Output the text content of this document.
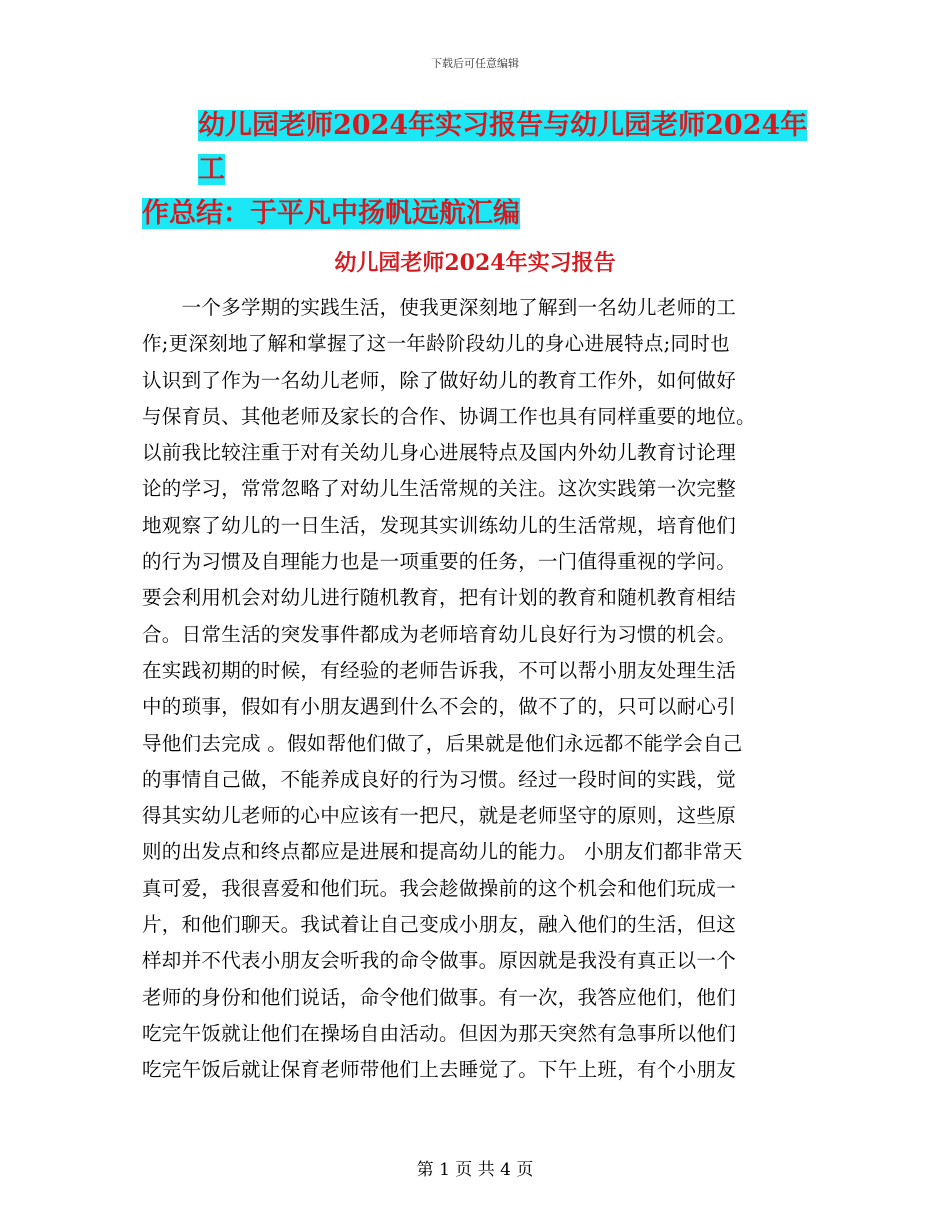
下载后可任意编辑
幼儿园老师2024年实习报告与幼儿园老师2024年工
作总结：于平凡中扬帆远航汇编
幼儿园老师2024年实习报告
　　一个多学期的实践生活，使我更深刻地了解到一名幼儿老师的工
作;更深刻地了解和掌握了这一年龄阶段幼儿的身心进展特点;同时也
认识到了作为一名幼儿老师，除了做好幼儿的教育工作外，如何做好
与保育员、其他老师及家长的合作、协调工作也具有同样重要的地位。
以前我比较注重于对有关幼儿身心进展特点及国内外幼儿教育讨论理
论的学习，常常忽略了对幼儿生活常规的关注。这次实践第一次完整
地观察了幼儿的一日生活，发现其实训练幼儿的生活常规，培育他们
的行为习惯及自理能力也是一项重要的任务，一门值得重视的学问。
要会利用机会对幼儿进行随机教育，把有计划的教育和随机教育相结
合。日常生活的突发事件都成为老师培育幼儿良好行为习惯的机会。
在实践初期的时候，有经验的老师告诉我，不可以帮小朋友处理生活
中的琐事，假如有小朋友遇到什么不会的，做不了的，只可以耐心引
导他们去完成 。假如帮他们做了，后果就是他们永远都不能学会自己
的事情自己做，不能养成良好的行为习惯。经过一段时间的实践，觉
得其实幼儿老师的心中应该有一把尺，就是老师坚守的原则，这些原
则的出发点和终点都应是进展和提高幼儿的能力。 小朋友们都非常天
真可爱，我很喜爱和他们玩。我会趁做操前的这个机会和他们玩成一
片，和他们聊天。我试着让自己变成小朋友，融入他们的生活，但这
样却并不代表小朋友会听我的命令做事。原因就是我没有真正以一个
老师的身份和他们说话，命令他们做事。有一次，我答应他们，他们
吃完午饭就让他们在操场自由活动。但因为那天突然有急事所以他们
吃完午饭后就让保育老师带他们上去睡觉了。下午上班，有个小朋友
第 1 页 共 4 页
